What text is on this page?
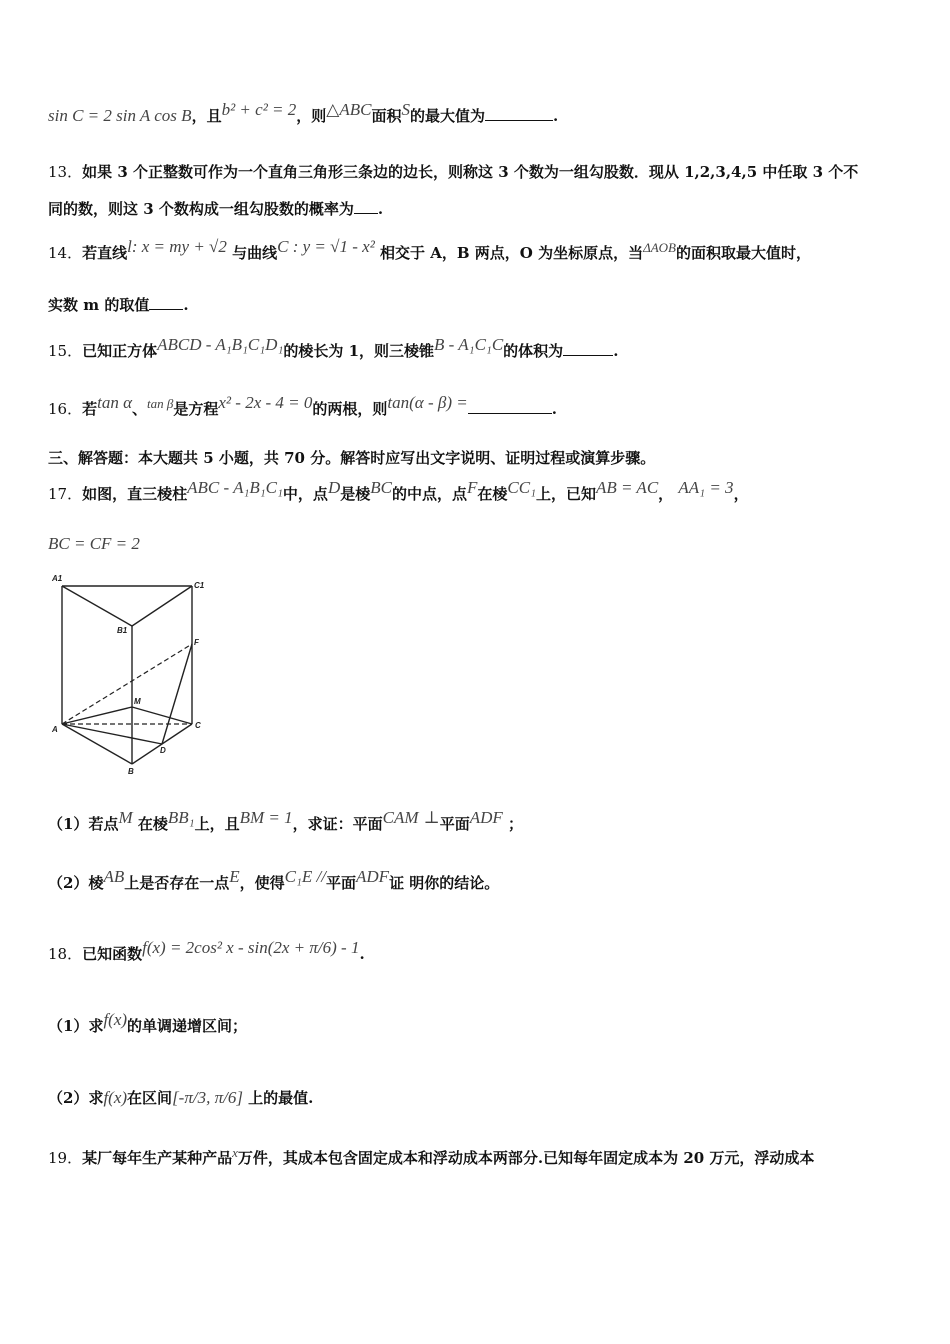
sin C = 2 sin A cos B，且b² + c² = 2，则△ABC面积S的最大值为	.
13．如果 3 个正整数可作为一个直角三角形三条边的边长，则称这 3 个数为一组勾股数．现从 1,2,3,4,5 中任取 3 个不
同的数，则这 3 个数构成一组勾股数的概率为 .
14．若直线l: x = my + √2 与曲线C : y = √1 - x² 相交于 A，B 两点，O 为坐标原点，当ΔAOB的面积取最大值时，
实数 m 的取值 .
15．已知正方体ABCD - A₁B₁C₁D₁的棱长为 1，则三棱锥B - A₁C₁C的体积为	.
16．若tan α、tan β是方程x² - 2x - 4 = 0的两根，则tan(α - β) =	.
三、解答题：本大题共 5 小题，共 70 分。解答时应写出文字说明、证明过程或演算步骤。
17．如图，直三棱柱ABC - A₁B₁C₁中，点D是棱BC的中点，点F在棱CC₁上，已知AB = AC， AA₁ = 3，
BC = CF = 2
A1
C1
B1
F
M
A	C
D
B
（1）若点M 在棱BB₁上，且BM = 1，求证：平面CAM ⊥平面ADF ；
（2）棱AB上是否存在一点E，使得C₁E //平面ADF证 明你的结论。
18．已知函数f(x) = 2cos² x - sin(2x + π/6) - 1.
（1）求f(x)的单调递增区间；
（2）求f(x)在区间[-π/3, π/6] 上的最值.
19．某厂每年生产某种产品x万件，其成本包含固定成本和浮动成本两部分.已知每年固定成本为 20 万元，浮动成本
